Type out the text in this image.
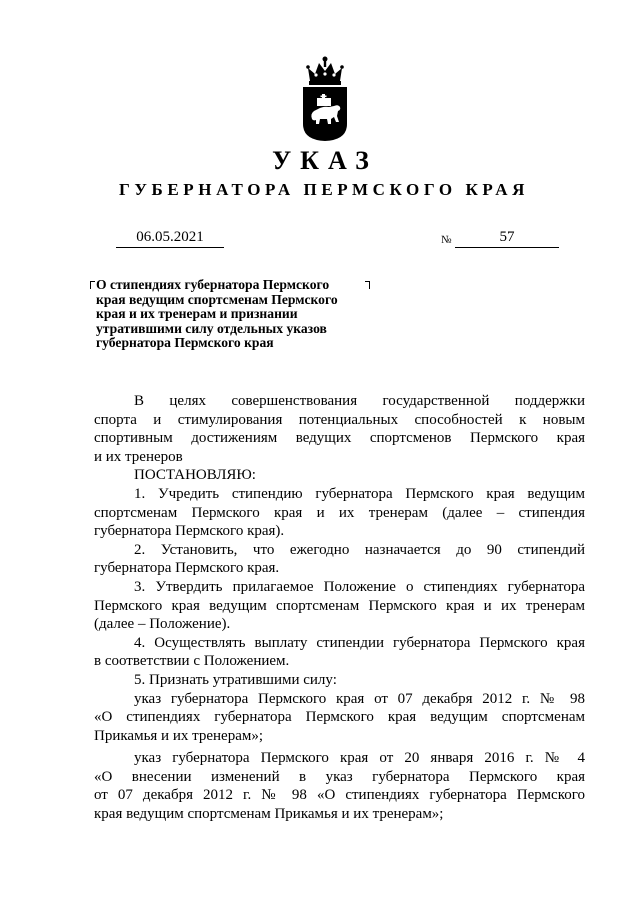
УКАЗ
ГУБЕРНАТОРА ПЕРМСКОГО КРАЯ
06.05.2021	№	57
О стипендиях губернатора Пермского
края ведущим спортсменам Пермского
края и их тренерам и признании
утратившими силу отдельных указов
губернатора Пермского края
В целях совершенствования государственной поддержки
спорта и стимулирования потенциальных способностей к новым
спортивным достижениям ведущих спортсменов Пермского края
и их тренеров
ПОСТАНОВЛЯЮ:
1. Учредить стипендию губернатора Пермского края ведущим
спортсменам Пермского края и их тренерам (далее – стипендия
губернатора Пермского края).
2. Установить, что ежегодно назначается до 90 стипендий
губернатора Пермского края.
3. Утвердить прилагаемое Положение о стипендиях губернатора
Пермского края ведущим спортсменам Пермского края и их тренерам
(далее – Положение).
4. Осуществлять выплату стипендии губернатора Пермского края
в соответствии с Положением.
5. Признать утратившими силу:
указ губернатора Пермского края от 07 декабря 2012 г. № 98
«О стипендиях губернатора Пермского края ведущим спортсменам
Прикамья и их тренерам»;
указ губернатора Пермского края от 20 января 2016 г. № 4
«О внесении изменений в указ губернатора Пермского края
от 07 декабря 2012 г. № 98 «О стипендиях губернатора Пермского
края ведущим спортсменам Прикамья и их тренерам»;
